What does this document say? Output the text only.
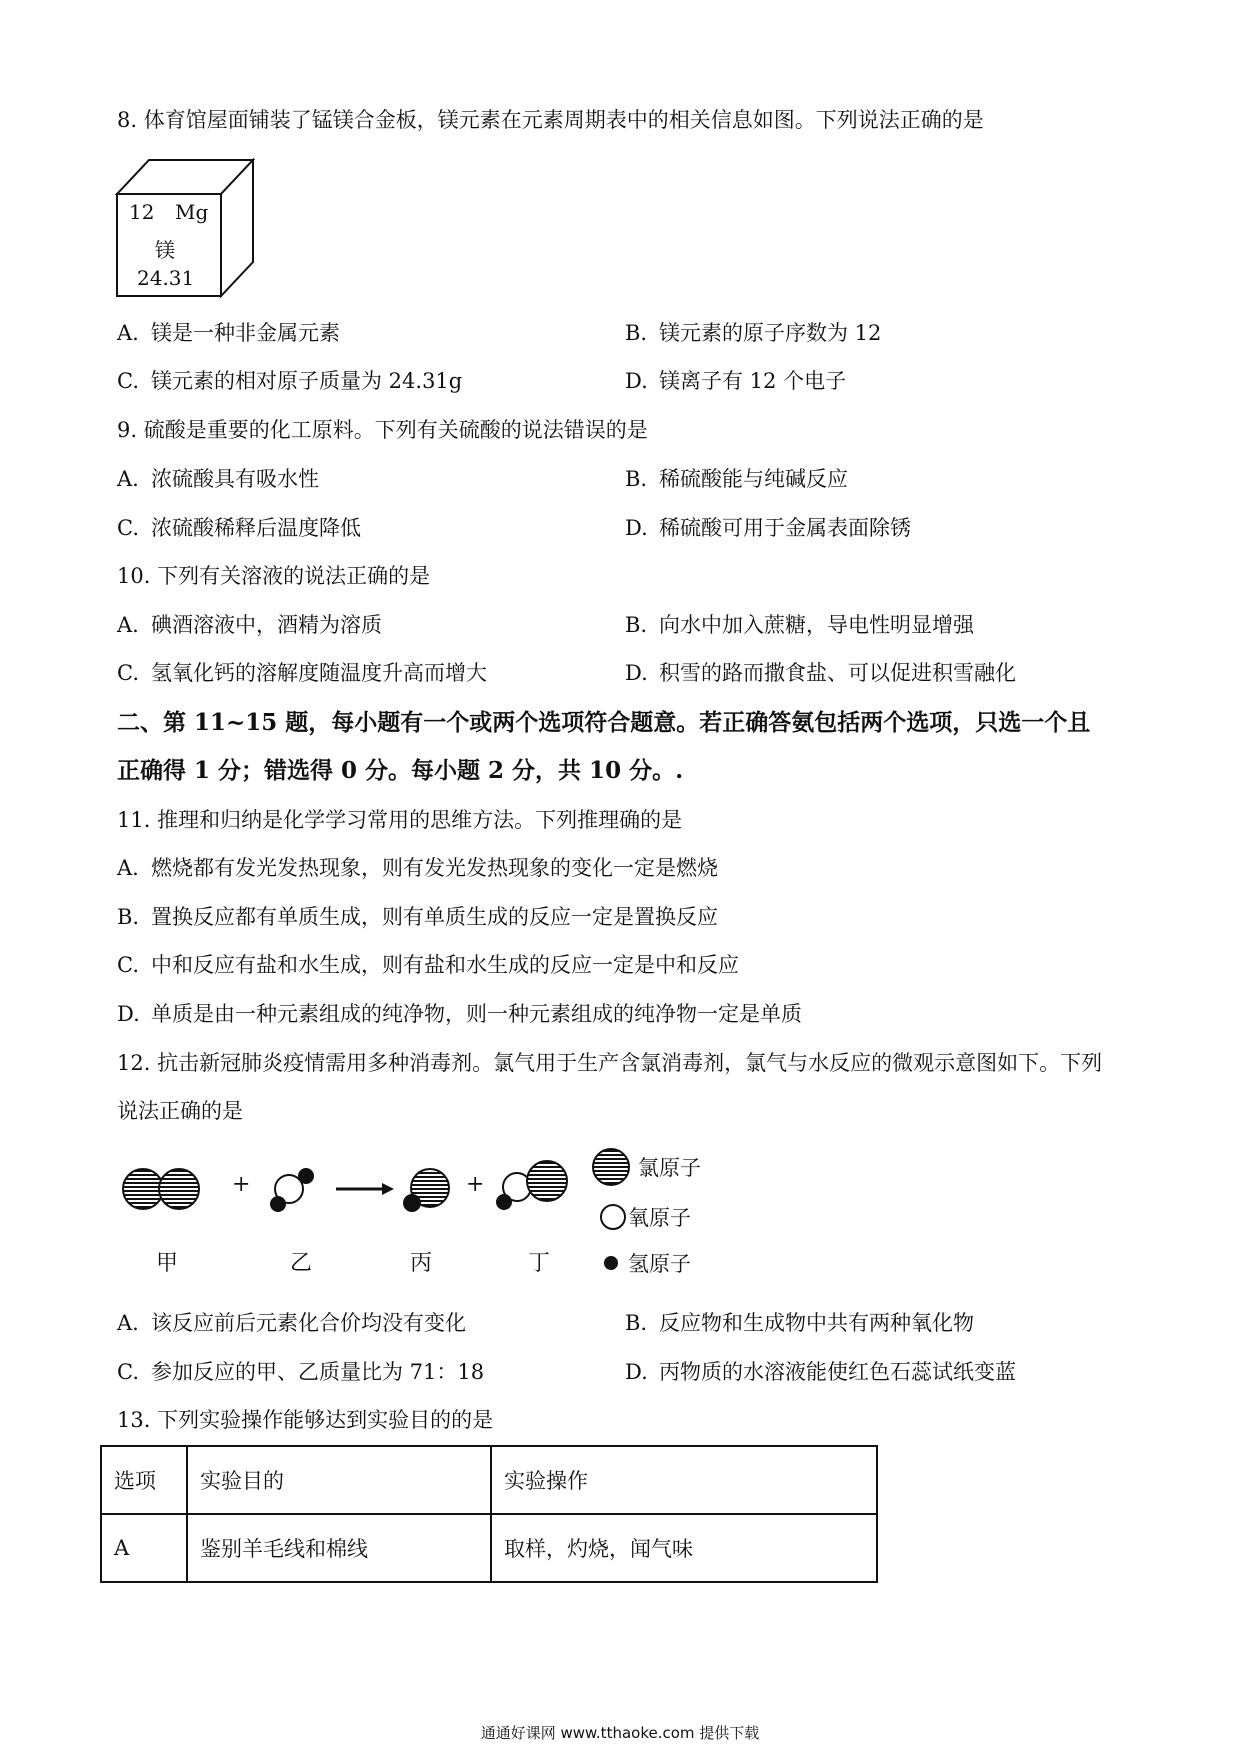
8. 体育馆屋面铺装了锰镁合金板，镁元素在元素周期表中的相关信息如图。下列说法正确的是
12 Mg
镁
24.31
A. 镁是一种非金属元素	B. 镁元素的原子序数为 12
C. 镁元素的相对原子质量为 24.31g	D. 镁离子有 12 个电子
9. 硫酸是重要的化工原料。下列有关硫酸的说法错误的是
A. 浓硫酸具有吸水性	B. 稀硫酸能与纯碱反应
C. 浓硫酸稀释后温度降低	D. 稀硫酸可用于金属表面除锈
10. 下列有关溶液的说法正确的是
A. 碘酒溶液中，酒精为溶质	B. 向水中加入蔗糖，导电性明显增强
C. 氢氧化钙的溶解度随温度升高而增大	D. 积雪的路而撒食盐、可以促进积雪融化
二、第 11~15 题，每小题有一个或两个选项符合题意。若正确答氨包括两个选项，只选一个且
正确得 1 分；错选得 0 分。每小题 2 分，共 10 分。.
11. 推理和归纳是化学学习常用的思维方法。下列推理确的是
A. 燃烧都有发光发热现象，则有发光发热现象的变化一定是燃烧
B. 置换反应都有单质生成，则有单质生成的反应一定是置换反应
C. 中和反应有盐和水生成，则有盐和水生成的反应一定是中和反应
D. 单质是由一种元素组成的纯净物，则一种元素组成的纯净物一定是单质
12. 抗击新冠肺炎疫情需用多种消毒剂。氯气用于生产含氯消毒剂，氯气与水反应的微观示意图如下。下列
说法正确的是
+	+
甲	乙	丙	丁
氯原子
氧原子
氢原子
A. 该反应前后元素化合价均没有变化	B. 反应物和生成物中共有两种氧化物
C. 参加反应的甲、乙质量比为 71：18	D. 丙物质的水溶液能使红色石蕊试纸变蓝
13. 下列实验操作能够达到实验目的的是
选项	实验目的	实验操作
A	鉴别羊毛线和棉线	取样，灼烧，闻气味
通通好课网 www.tthaoke.com 提供下载
